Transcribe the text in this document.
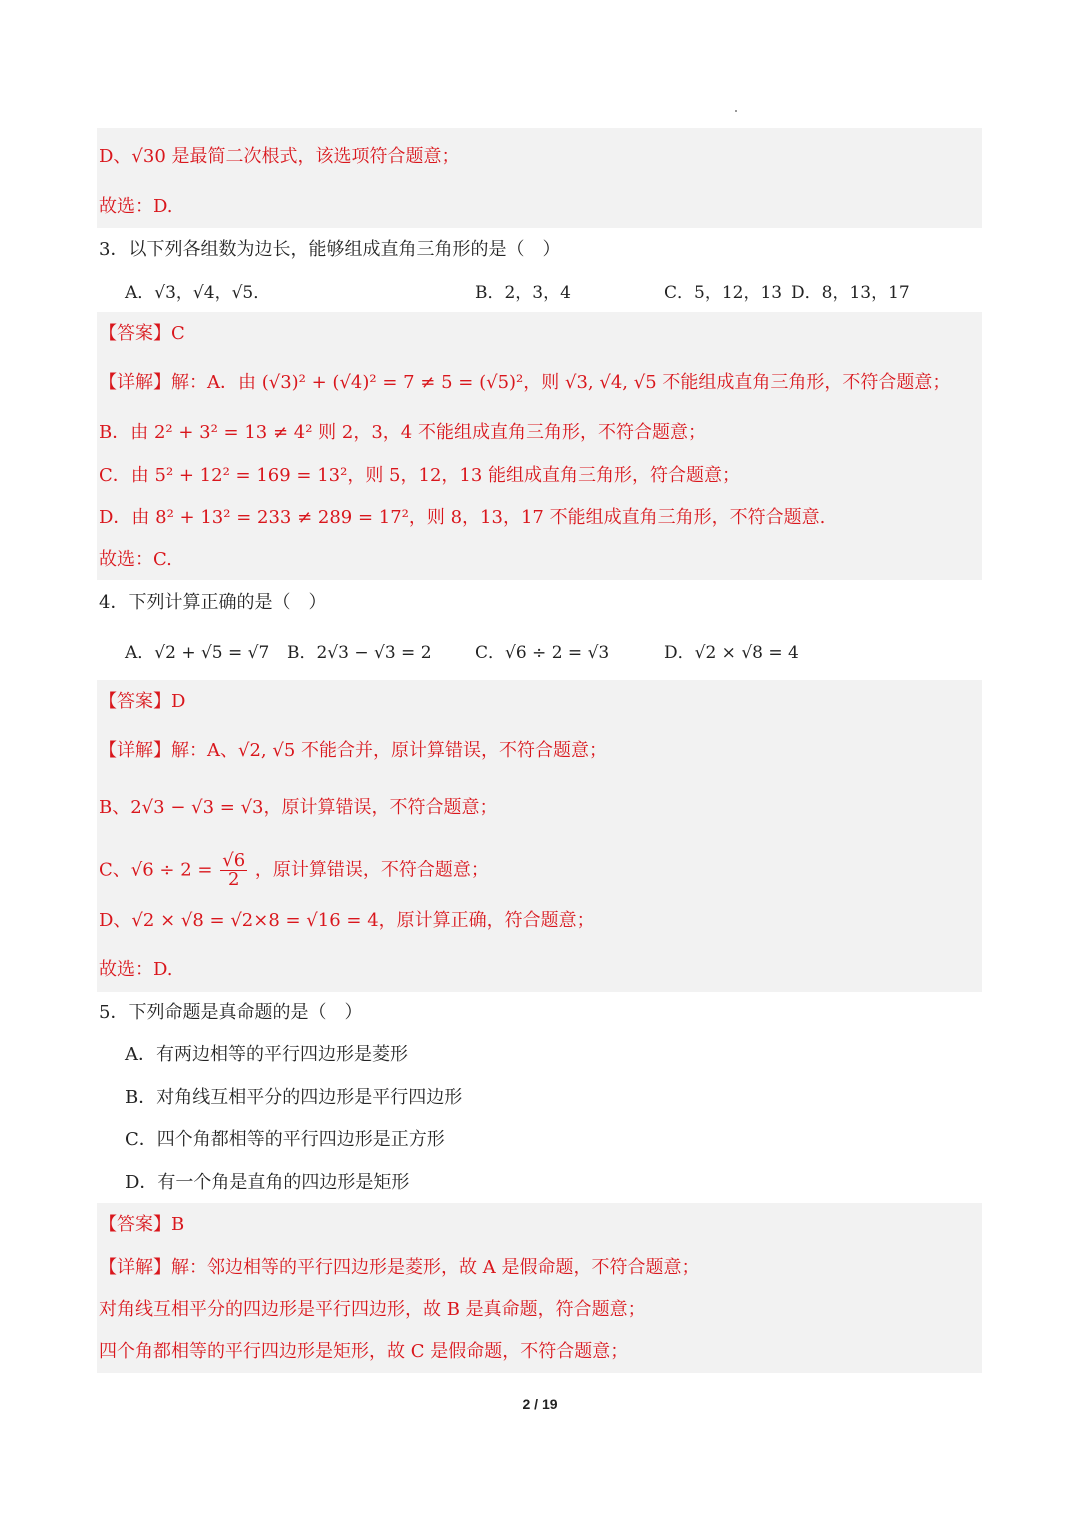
D、√30 是最简二次根式，该选项符合题意；
故选：D.
3．以下列各组数为边长，能够组成直角三角形的是（　）
A．√3，√4，√5．	B．2，3，4	C．5，12，13 D．8，13，17
【答案】C
【详解】解：A．由 (√3)² + (√4)² = 7 ≠ 5 = (√5)²，则 √3, √4, √5 不能组成直角三角形，不符合题意；
B．由 2² + 3² = 13 ≠ 4² 则 2，3，4 不能组成直角三角形，不符合题意；
C．由 5² + 12² = 169 = 13²，则 5，12，13 能组成直角三角形，符合题意；
D．由 8² + 13² = 233 ≠ 289 = 17²，则 8，13，17 不能组成直角三角形，不符合题意.
故选：C.
4．下列计算正确的是（　）
A．√2 + √5 = √7 B．2√3 − √3 = 2	C．√6 ÷ 2 = √3	D．√2 × √8 = 4
【答案】D
【详解】解：A、√2, √5 不能合并，原计算错误，不符合题意；
B、2√3 − √3 = √3，原计算错误，不符合题意；
C、$√6 \div 2 = \frac{√6}{2}$ ，原计算错误，不符合题意；
D、√2 × √8 = √2×8 = √16 = 4，原计算正确，符合题意；
故选：D.
5．下列命题是真命题的是（　）
A．有两边相等的平行四边形是菱形
B．对角线互相平分的四边形是平行四边形
C．四个角都相等的平行四边形是正方形
D．有一个角是直角的四边形是矩形
【答案】B
【详解】解：邻边相等的平行四边形是菱形，故 A 是假命题，不符合题意；
对角线互相平分的四边形是平行四边形，故 B 是真命题，符合题意；
四个角都相等的平行四边形是矩形，故 C 是假命题，不符合题意；
2 / 19
